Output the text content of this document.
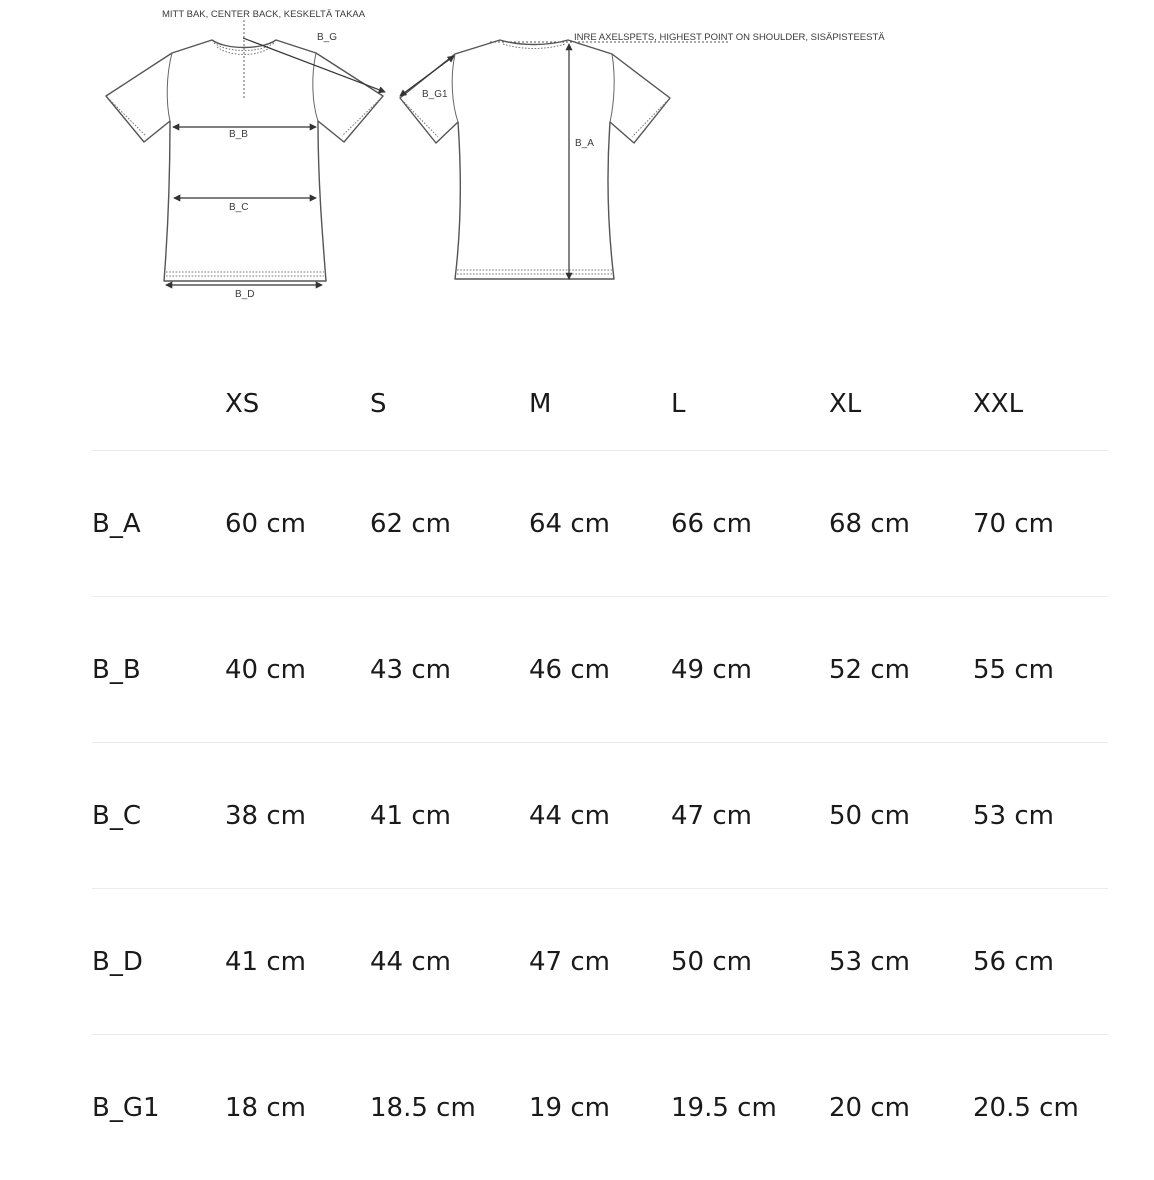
MITT BAK, CENTER BACK, KESKELTÄ TAKAA
INRE AXELSPETS, HIGHEST POINT ON SHOULDER, SISÄPISTEESTÄ
B_G
B_G1
B_B
B_C
B_D
B_A
	XS	S	M	L	XL	XXL
B_A	60 cm	62 cm	64 cm	66 cm	68 cm	70 cm
B_B	40 cm	43 cm	46 cm	49 cm	52 cm	55 cm
B_C	38 cm	41 cm	44 cm	47 cm	50 cm	53 cm
B_D	41 cm	44 cm	47 cm	50 cm	53 cm	56 cm
B_G1	18 cm	18.5 cm	19 cm	19.5 cm	20 cm	20.5 cm
